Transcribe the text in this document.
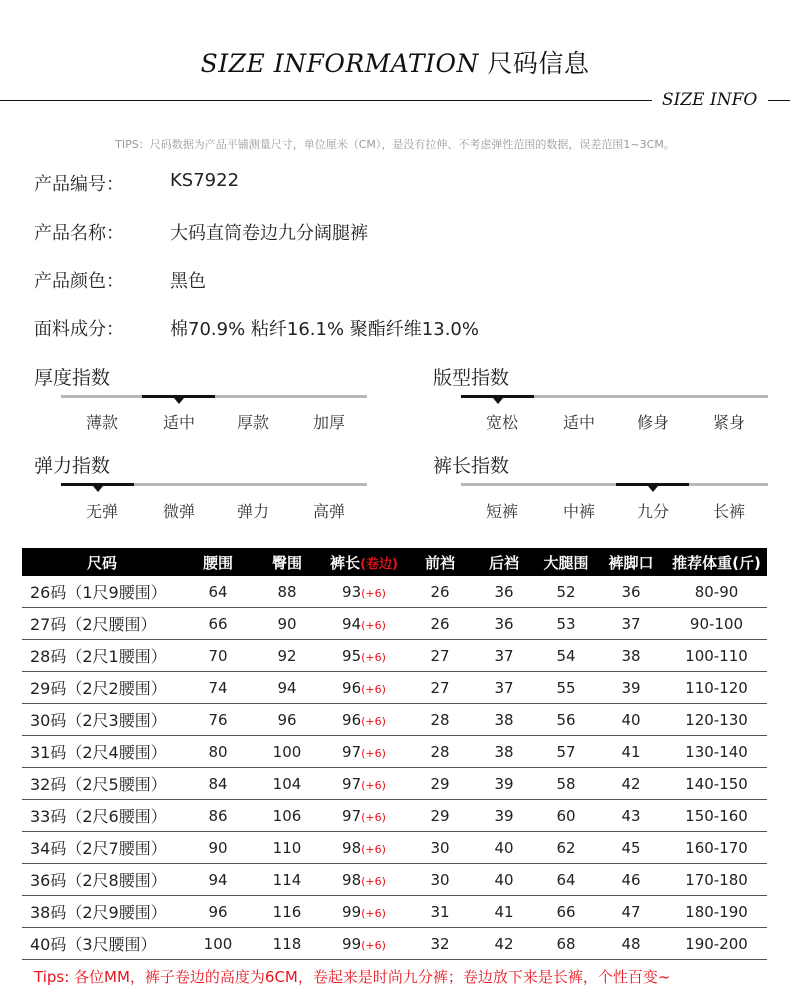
SIZE INFORMATION 尺码信息
SIZE INFO
TIPS：尺码数据为产品平铺测量尺寸，单位厘米（CM），是没有拉伸、不考虑弹性范围的数据，误差范围1~3CM。
产品编号：	KS7922
产品名称：	大码直筒卷边九分阔腿裤
产品颜色：	黑色
面料成分：	棉70.9% 粘纤16.1% 聚酯纤维13.0%
厚度指数
薄款	适中	厚款	加厚
版型指数
宽松	适中	修身	紧身
弹力指数
无弹	微弹	弹力	高弹
裤长指数
短裤	中裤	九分	长裤
尺码	腰围	臀围	裤长(卷边)	前裆	后裆	大腿围	裤脚口	推荐体重(斤)
26码（1尺9腰围）	64	88	93(+6)	26	36	52	36	80-90
27码（2尺腰围）	66	90	94(+6)	26	36	53	37	90-100
28码（2尺1腰围）	70	92	95(+6)	27	37	54	38	100-110
29码（2尺2腰围）	74	94	96(+6)	27	37	55	39	110-120
30码（2尺3腰围）	76	96	96(+6)	28	38	56	40	120-130
31码（2尺4腰围）	80	100	97(+6)	28	38	57	41	130-140
32码（2尺5腰围）	84	104	97(+6)	29	39	58	42	140-150
33码（2尺6腰围）	86	106	97(+6)	29	39	60	43	150-160
34码（2尺7腰围）	90	110	98(+6)	30	40	62	45	160-170
36码（2尺8腰围）	94	114	98(+6)	30	40	64	46	170-180
38码（2尺9腰围）	96	116	99(+6)	31	41	66	47	180-190
40码（3尺腰围）	100	118	99(+6)	32	42	68	48	190-200
Tips: 各位MM，裤子卷边的高度为6CM，卷起来是时尚九分裤；卷边放下来是长裤，个性百变~
